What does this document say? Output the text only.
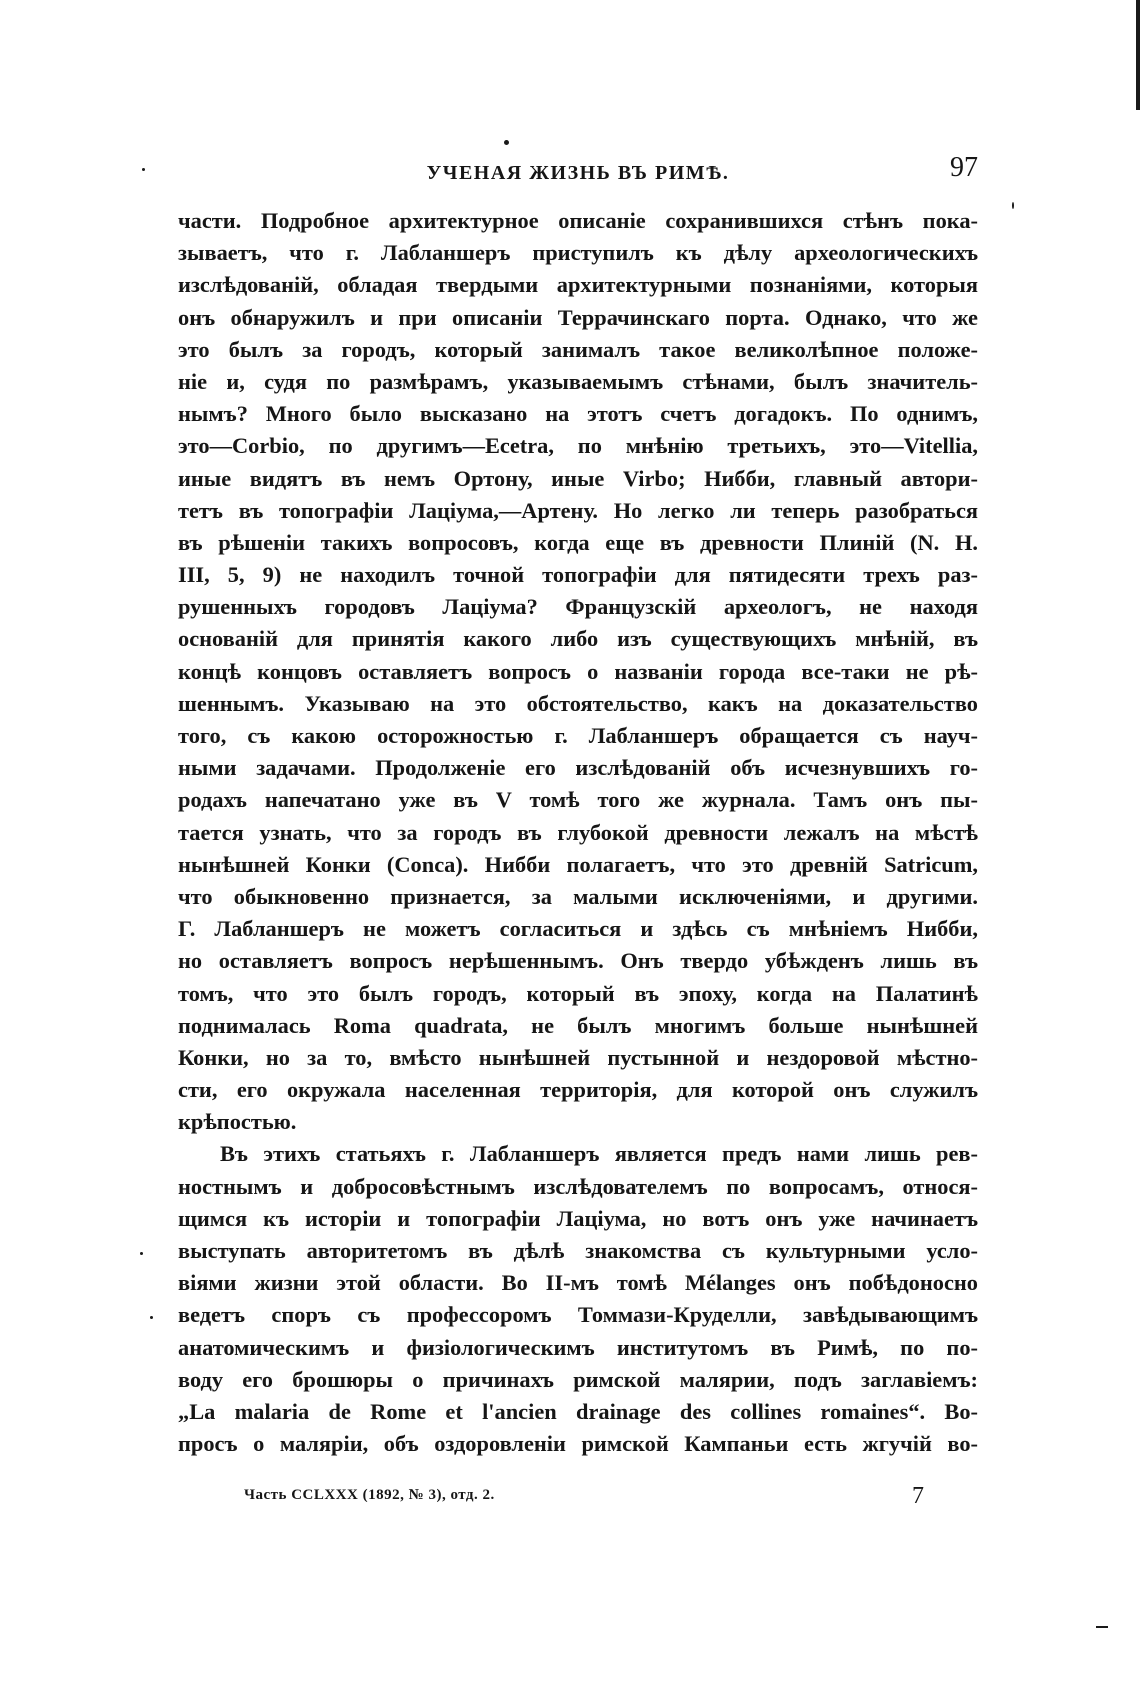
УЧЕНАЯ ЖИЗНЬ ВЪ РИМѢ.	97
части. Подробное архитектурное описаніе сохранившихся стѣнъ пока-
зываетъ, что г. Лабланшеръ приступилъ къ дѣлу археологическихъ
изслѣдованій, обладая твердыми архитектурными познаніями, которыя
онъ обнаружилъ и при описаніи Террачинскаго порта. Однако, что же
это былъ за городъ, который занималъ такое великолѣпное положе-
ніе и, судя по размѣрамъ, указываемымъ стѣнами, былъ значитель-
нымъ? Много было высказано на этотъ счетъ догадокъ. По однимъ,
это—Corbio, по другимъ—Ecetra, по мнѣнію третьихъ, это—Vitellia,
иные видятъ въ немъ Ортону, иные Virbo; Нибби, главный автори-
тетъ въ топографіи Лаціума,—Артену. Но легко ли теперь разобраться
въ рѣшеніи такихъ вопросовъ, когда еще въ древности Плиній (N. H.
III, 5, 9) не находилъ точной топографіи для пятидесяти трехъ раз-
рушенныхъ городовъ Лаціума? Французскій археологъ, не находя
основаній для принятія какого либо изъ существующихъ мнѣній, въ
концѣ концовъ оставляетъ вопросъ о названіи города все-таки не рѣ-
шеннымъ. Указываю на это обстоятельство, какъ на доказательство
того, съ какою осторожностью г. Лабланшеръ обращается съ науч-
ными задачами. Продолженіе его изслѣдованій объ исчезнувшихъ го-
родахъ напечатано уже въ V томѣ того же журнала. Тамъ онъ пы-
тается узнать, что за городъ въ глубокой древности лежалъ на мѣстѣ
нынѣшней Конки (Conca). Нибби полагаетъ, что это древній Satricum,
что обыкновенно признается, за малыми исключеніями, и другими.
Г. Лабланшеръ не можетъ согласиться и здѣсь съ мнѣніемъ Нибби,
но оставляетъ вопросъ нерѣшеннымъ. Онъ твердо убѣжденъ лишь въ
томъ, что это былъ городъ, который въ эпоху, когда на Палатинѣ
поднималась Roma quadrata, не былъ многимъ больше нынѣшней
Конки, но за то, вмѣсто нынѣшней пустынной и нездоровой мѣстно-
сти, его окружала населенная территорія, для которой онъ служилъ
крѣпостью.
Въ этихъ статьяхъ г. Лабланшеръ является предъ нами лишь рев-
ностнымъ и добросовѣстнымъ изслѣдователемъ по вопросамъ, относя-
щимся къ исторіи и топографіи Лаціума, но вотъ онъ уже начинаетъ
выступать авторитетомъ въ дѣлѣ знакомства съ культурными усло-
віями жизни этой области. Во II-мъ томѣ Mélanges онъ побѣдоносно
ведетъ споръ съ профессоромъ Томмази-Круделли, завѣдывающимъ
анатомическимъ и физіологическимъ институтомъ въ Римѣ, по по-
воду его брошюры о причинахъ римской малярии, подъ заглавіемъ:
„La malaria de Rome et l'ancien drainage des collines romaines“. Во-
просъ о маляріи, объ оздоровленіи римской Кампаньи есть жгучій во-
Часть CCLXXX (1892, № 3), отд. 2.	7
